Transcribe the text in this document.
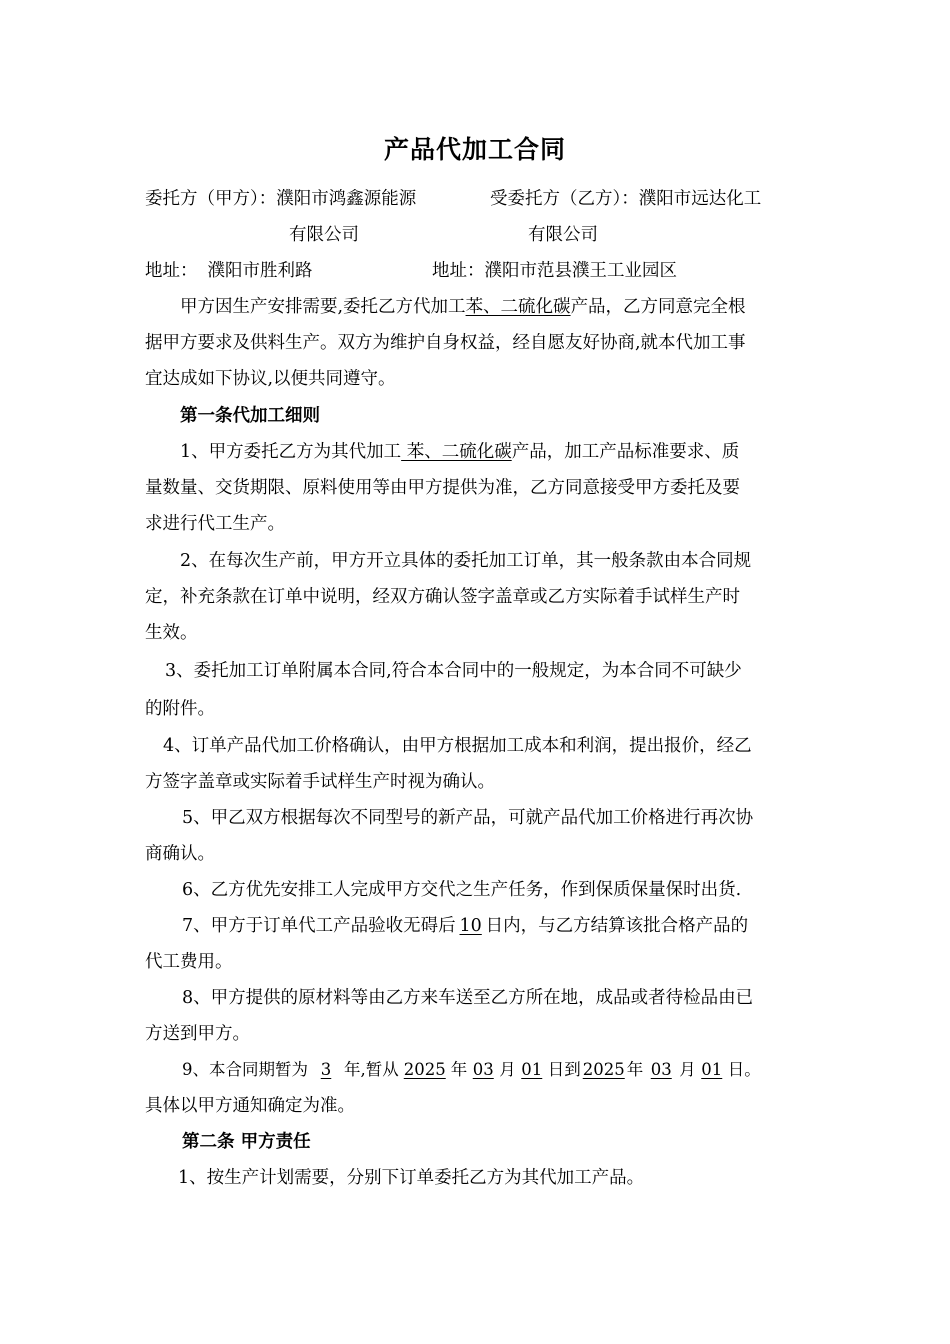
产品代加工合同
委托方（甲方）：濮阳市鸿鑫源能源	受委托方（乙方）：濮阳市远达化工
有限公司	有限公司
地址： 濮阳市胜利路	地址：濮阳市范县濮王工业园区
甲方因生产安排需要,委托乙方代加工苯、二硫化碳产品，乙方同意完全根
据甲方要求及供料生产。双方为维护自身权益，经自愿友好协商,就本代加工事
宜达成如下协议,以便共同遵守。
第一条代加工细则
1、甲方委托乙方为其代加工 苯、二硫化碳产品，加工产品标准要求、质
量数量、交货期限、原料使用等由甲方提供为准，乙方同意接受甲方委托及要
求进行代工生产。
2、在每次生产前，甲方开立具体的委托加工订单，其一般条款由本合同规
定，补充条款在订单中说明，经双方确认签字盖章或乙方实际着手试样生产时
生效。
3、委托加工订单附属本合同,符合本合同中的一般规定，为本合同不可缺少
的附件。
4、订单产品代加工价格确认，由甲方根据加工成本和利润，提出报价，经乙
方签字盖章或实际着手试样生产时视为确认。
5、甲乙双方根据每次不同型号的新产品，可就产品代加工价格进行再次协
商确认。
6、乙方优先安排工人完成甲方交代之生产任务，作到保质保量保时出货.
7、甲方于订单代工产品验收无碍后 10 日内，与乙方结算该批合格产品的
代工费用。
8、甲方提供的原材料等由乙方来车送至乙方所在地，成品或者待检品由已
方送到甲方。
9、本合同期暂为 3 年,暂从 2025 年 03 月 01 日到 2025 年 03 月 01 日。
具体以甲方通知确定为准。
第二条 甲方责任
1、按生产计划需要，分别下订单委托乙方为其代加工产品。
